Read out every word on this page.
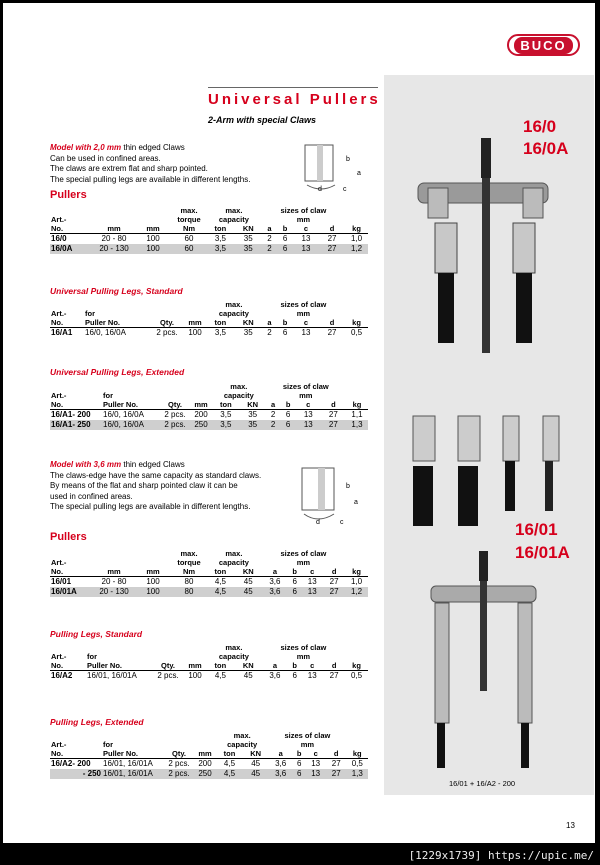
BUCO
Universal Pullers
2-Arm with special Claws	16/0
16/0A
16/01
16/01A
16/01 + 16/A2 - 200
Model with 2,0 mm thin edged Claws
Can be used in confined areas.
The claws are extrem flat and sharp pointed.
The special pulling legs are available in different lengths.
b
a
d	c
Pullers
			max.	max.		sizes of claw				
Art.-			torque	capacity		mm				
No.	mm	mm	Nm	ton	KN	a	b	c	d	kg
16/0	20 - 80	100	60	3,5	35	2	6	13	27	1,0
16/0A	20 - 130	100	60	3,5	35	2	6	13	27	1,2
Universal Pulling Legs, Standard
				max.		sizes of claw				
Art.-	for			capacity		mm				
No.	Puller No.	Qty.	mm	ton	KN	a	b	c	d	kg
16/A1	16/0, 16/0A	2 pcs.	100	3,5	35	2	6	13	27	0,5
Universal Pulling Legs, Extended
				max.		sizes of claw				
Art.-	for			capacity		mm				
No.	Puller No.	Qty.	mm	ton	KN	a	b	c	d	kg
16/A1- 200	16/0, 16/0A	2 pcs.	200	3,5	35	2	6	13	27	1,1
16/A1- 250	16/0, 16/0A	2 pcs.	250	3,5	35	2	6	13	27	1,3
Model with 3,6 mm thin edged Claws
The claws-edge have the same capacity as standard claws.
By means of the flat and sharp pointed claw it can be
used in confined areas.
The special pulling legs are available in different lengths.
b
a
d	c
Pullers
			max.	max.		sizes of claw				
Art.-			torque	capacity		mm				
No.	mm	mm	Nm	ton	KN	a	b	c	d	kg
16/01	20 - 80	100	80	4,5	45	3,6	6	13	27	1,0
16/01A	20 - 130	100	80	4,5	45	3,6	6	13	27	1,2
Pulling Legs, Standard
				max.		sizes of claw				
Art.-	for			capacity		mm				
No.	Puller No.	Qty.	mm	ton	KN	a	b	c	d	kg
16/A2	16/01, 16/01A	2 pcs.	100	4,5	45	3,6	6	13	27	0,5
Pulling Legs, Extended
				max.		sizes of claw				
Art.-	for			capacity		mm				
No.	Puller No.	Qty.	mm	ton	KN	a	b	c	d	kg
16/A2- 200	16/01, 16/01A	2 pcs.	200	4,5	45	3,6	6	13	27	0,5
- 250	16/01, 16/01A	2 pcs.	250	4,5	45	3,6	6	13	27	1,3
13
[1229x1739] https://upic.me/
